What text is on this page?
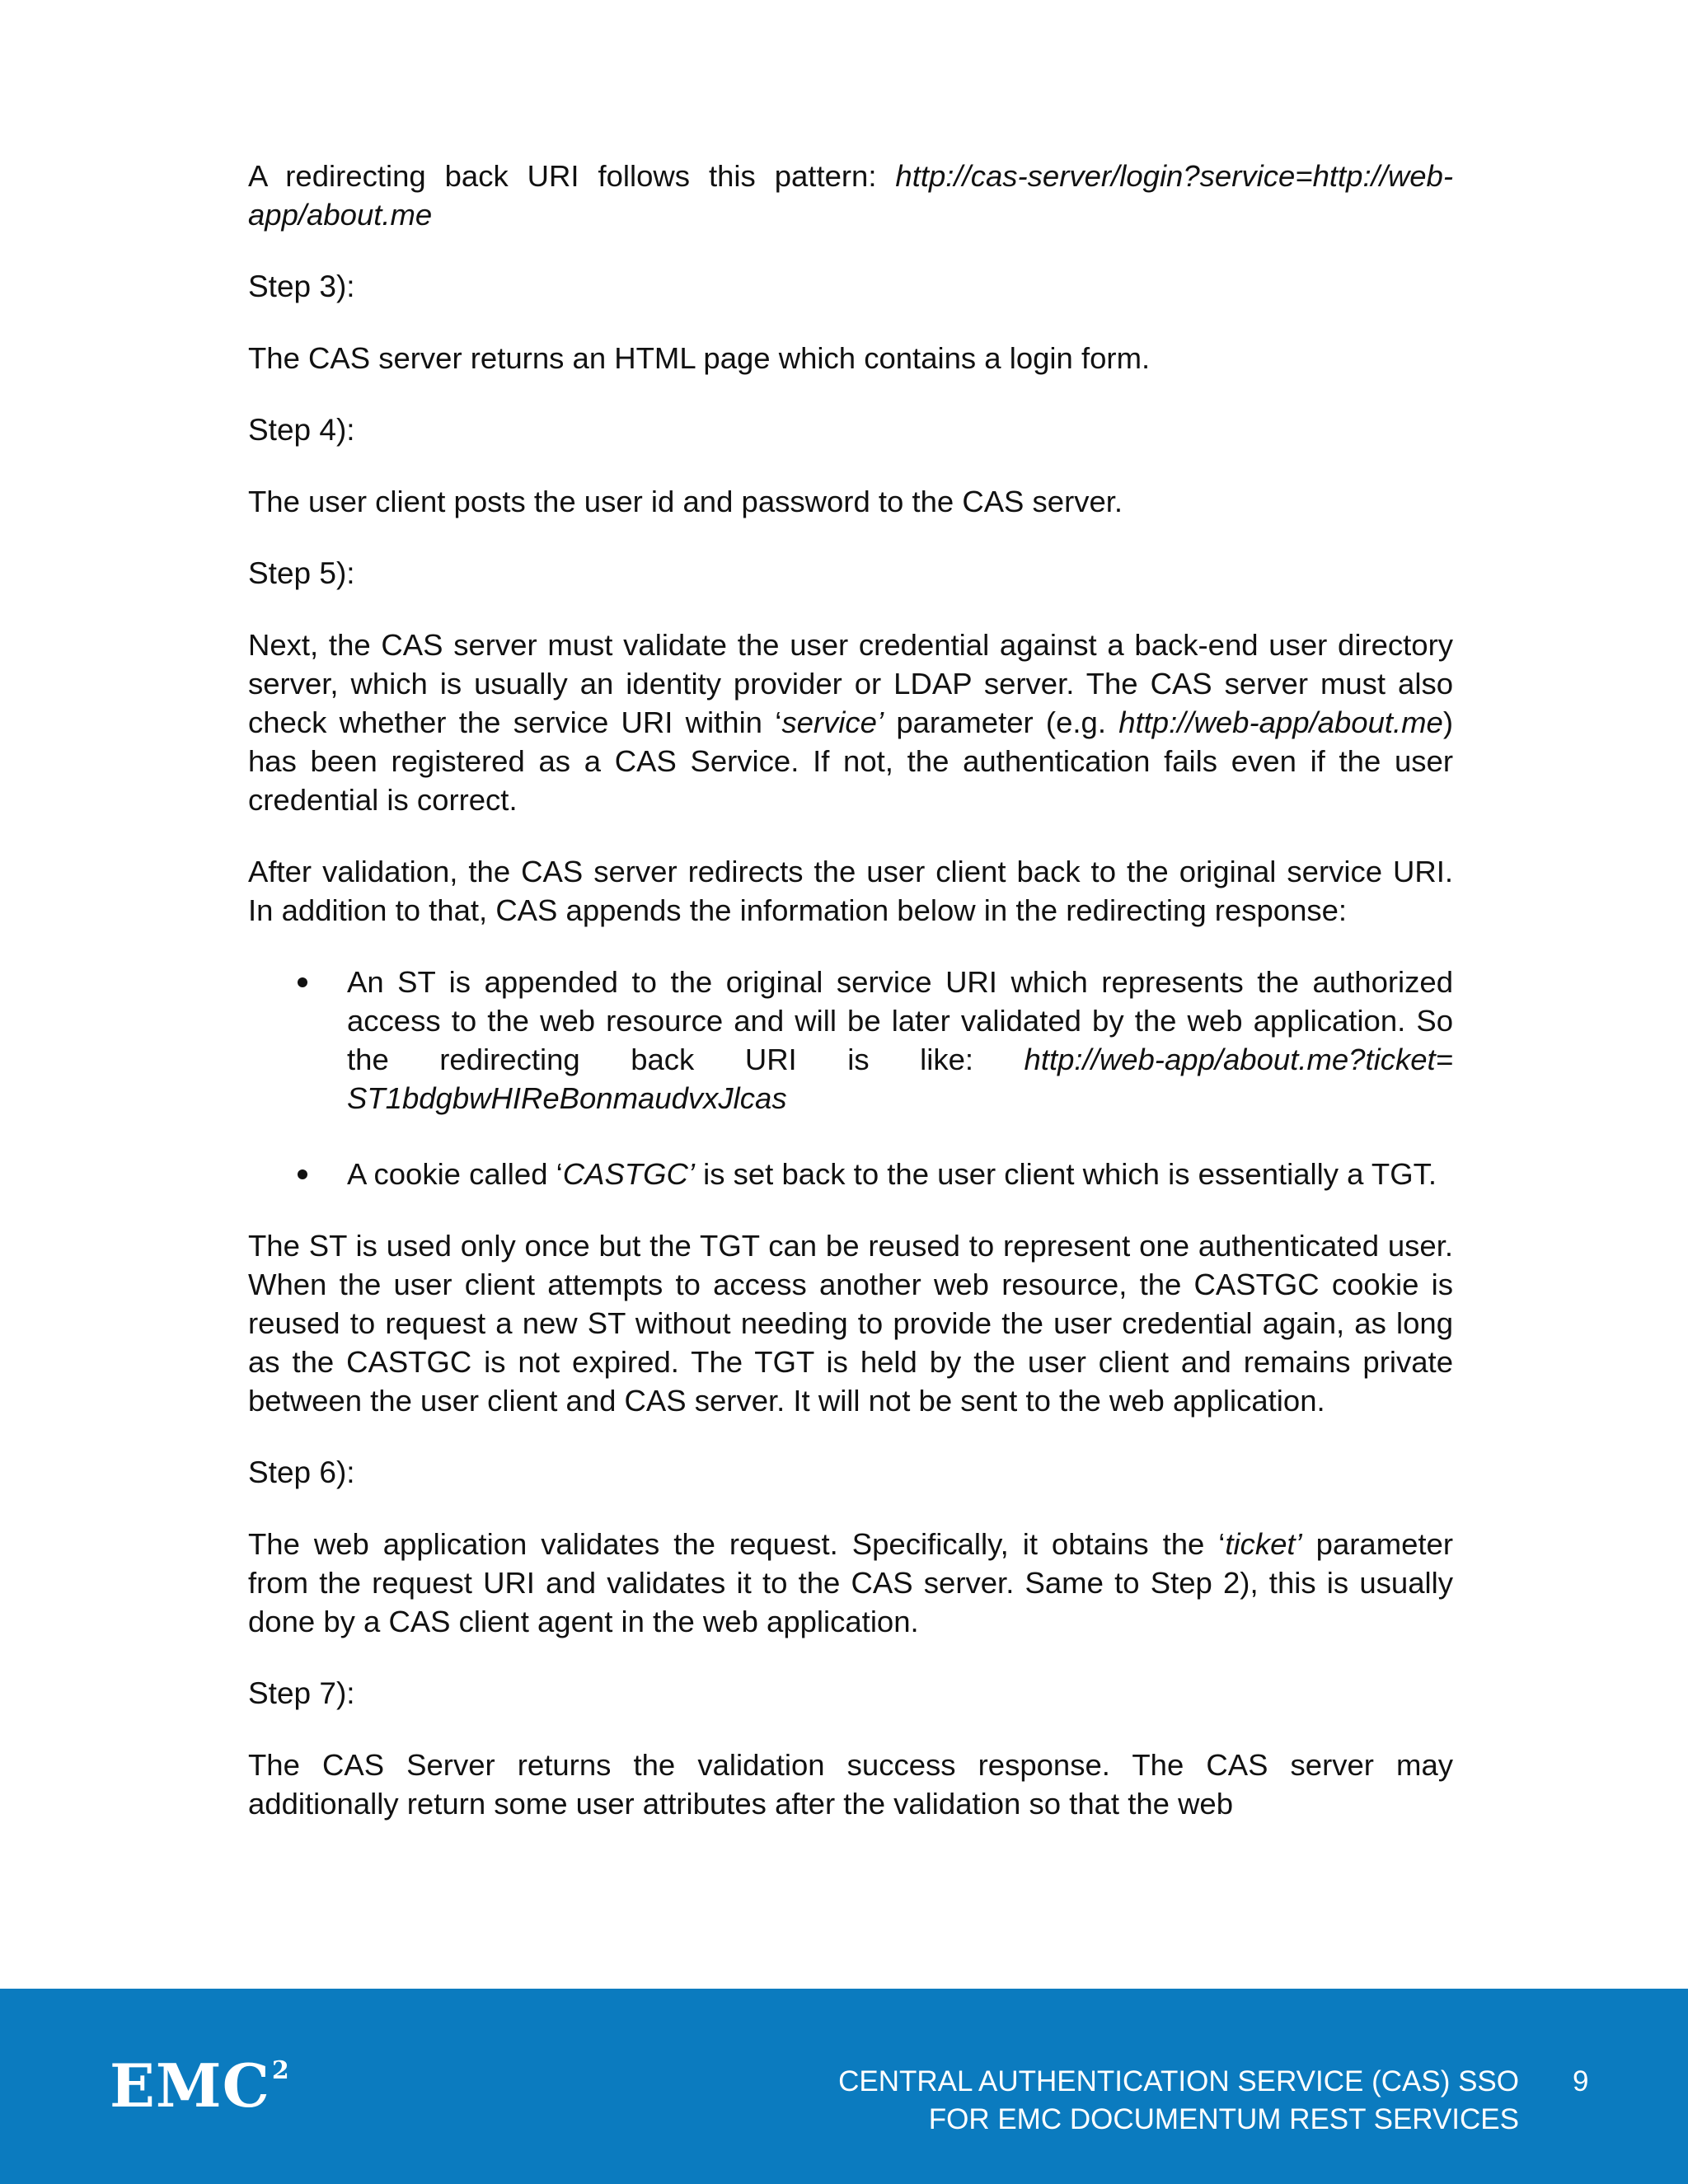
A redirecting back URI follows this pattern: http://cas-server/login?service=http://web-app/about.me

Step 3):

The CAS server returns an HTML page which contains a login form.

Step 4):

The user client posts the user id and password to the CAS server.

Step 5):

Next, the CAS server must validate the user credential against a back-end user directory server, which is usually an identity provider or LDAP server. The CAS server must also check whether the service URI within ‘service’ parameter (e.g. http://web-app/about.me) has been registered as a CAS Service. If not, the authentication fails even if the user credential is correct.

After validation, the CAS server redirects the user client back to the original service URI. In addition to that, CAS appends the information below in the redirecting response:

An ST is appended to the original service URI which represents the authorized access to the web resource and will be later validated by the web application. So the redirecting back URI is like: http://web-app/about.me?ticket= ST1bdgbwHIReBonmaudvxJlcas
A cookie called ‘CASTGC’ is set back to the user client which is essentially a TGT.

The ST is used only once but the TGT can be reused to represent one authenticated user. When the user client attempts to access another web resource, the CASTGC cookie is reused to request a new ST without needing to provide the user credential again, as long as the CASTGC is not expired. The TGT is held by the user client and remains private between the user client and CAS server. It will not be sent to the web application.

Step 6):

The web application validates the request. Specifically, it obtains the ‘ticket’ parameter from the request URI and validates it to the CAS server. Same to Step 2), this is usually done by a CAS client agent in the web application.

Step 7):

The CAS Server returns the validation success response. The CAS server may additionally return some user attributes after the validation so that the web

EMC$^2$	CENTRAL AUTHENTICATION SERVICE (CAS) SSO
FOR EMC DOCUMENTUM REST SERVICES
9
